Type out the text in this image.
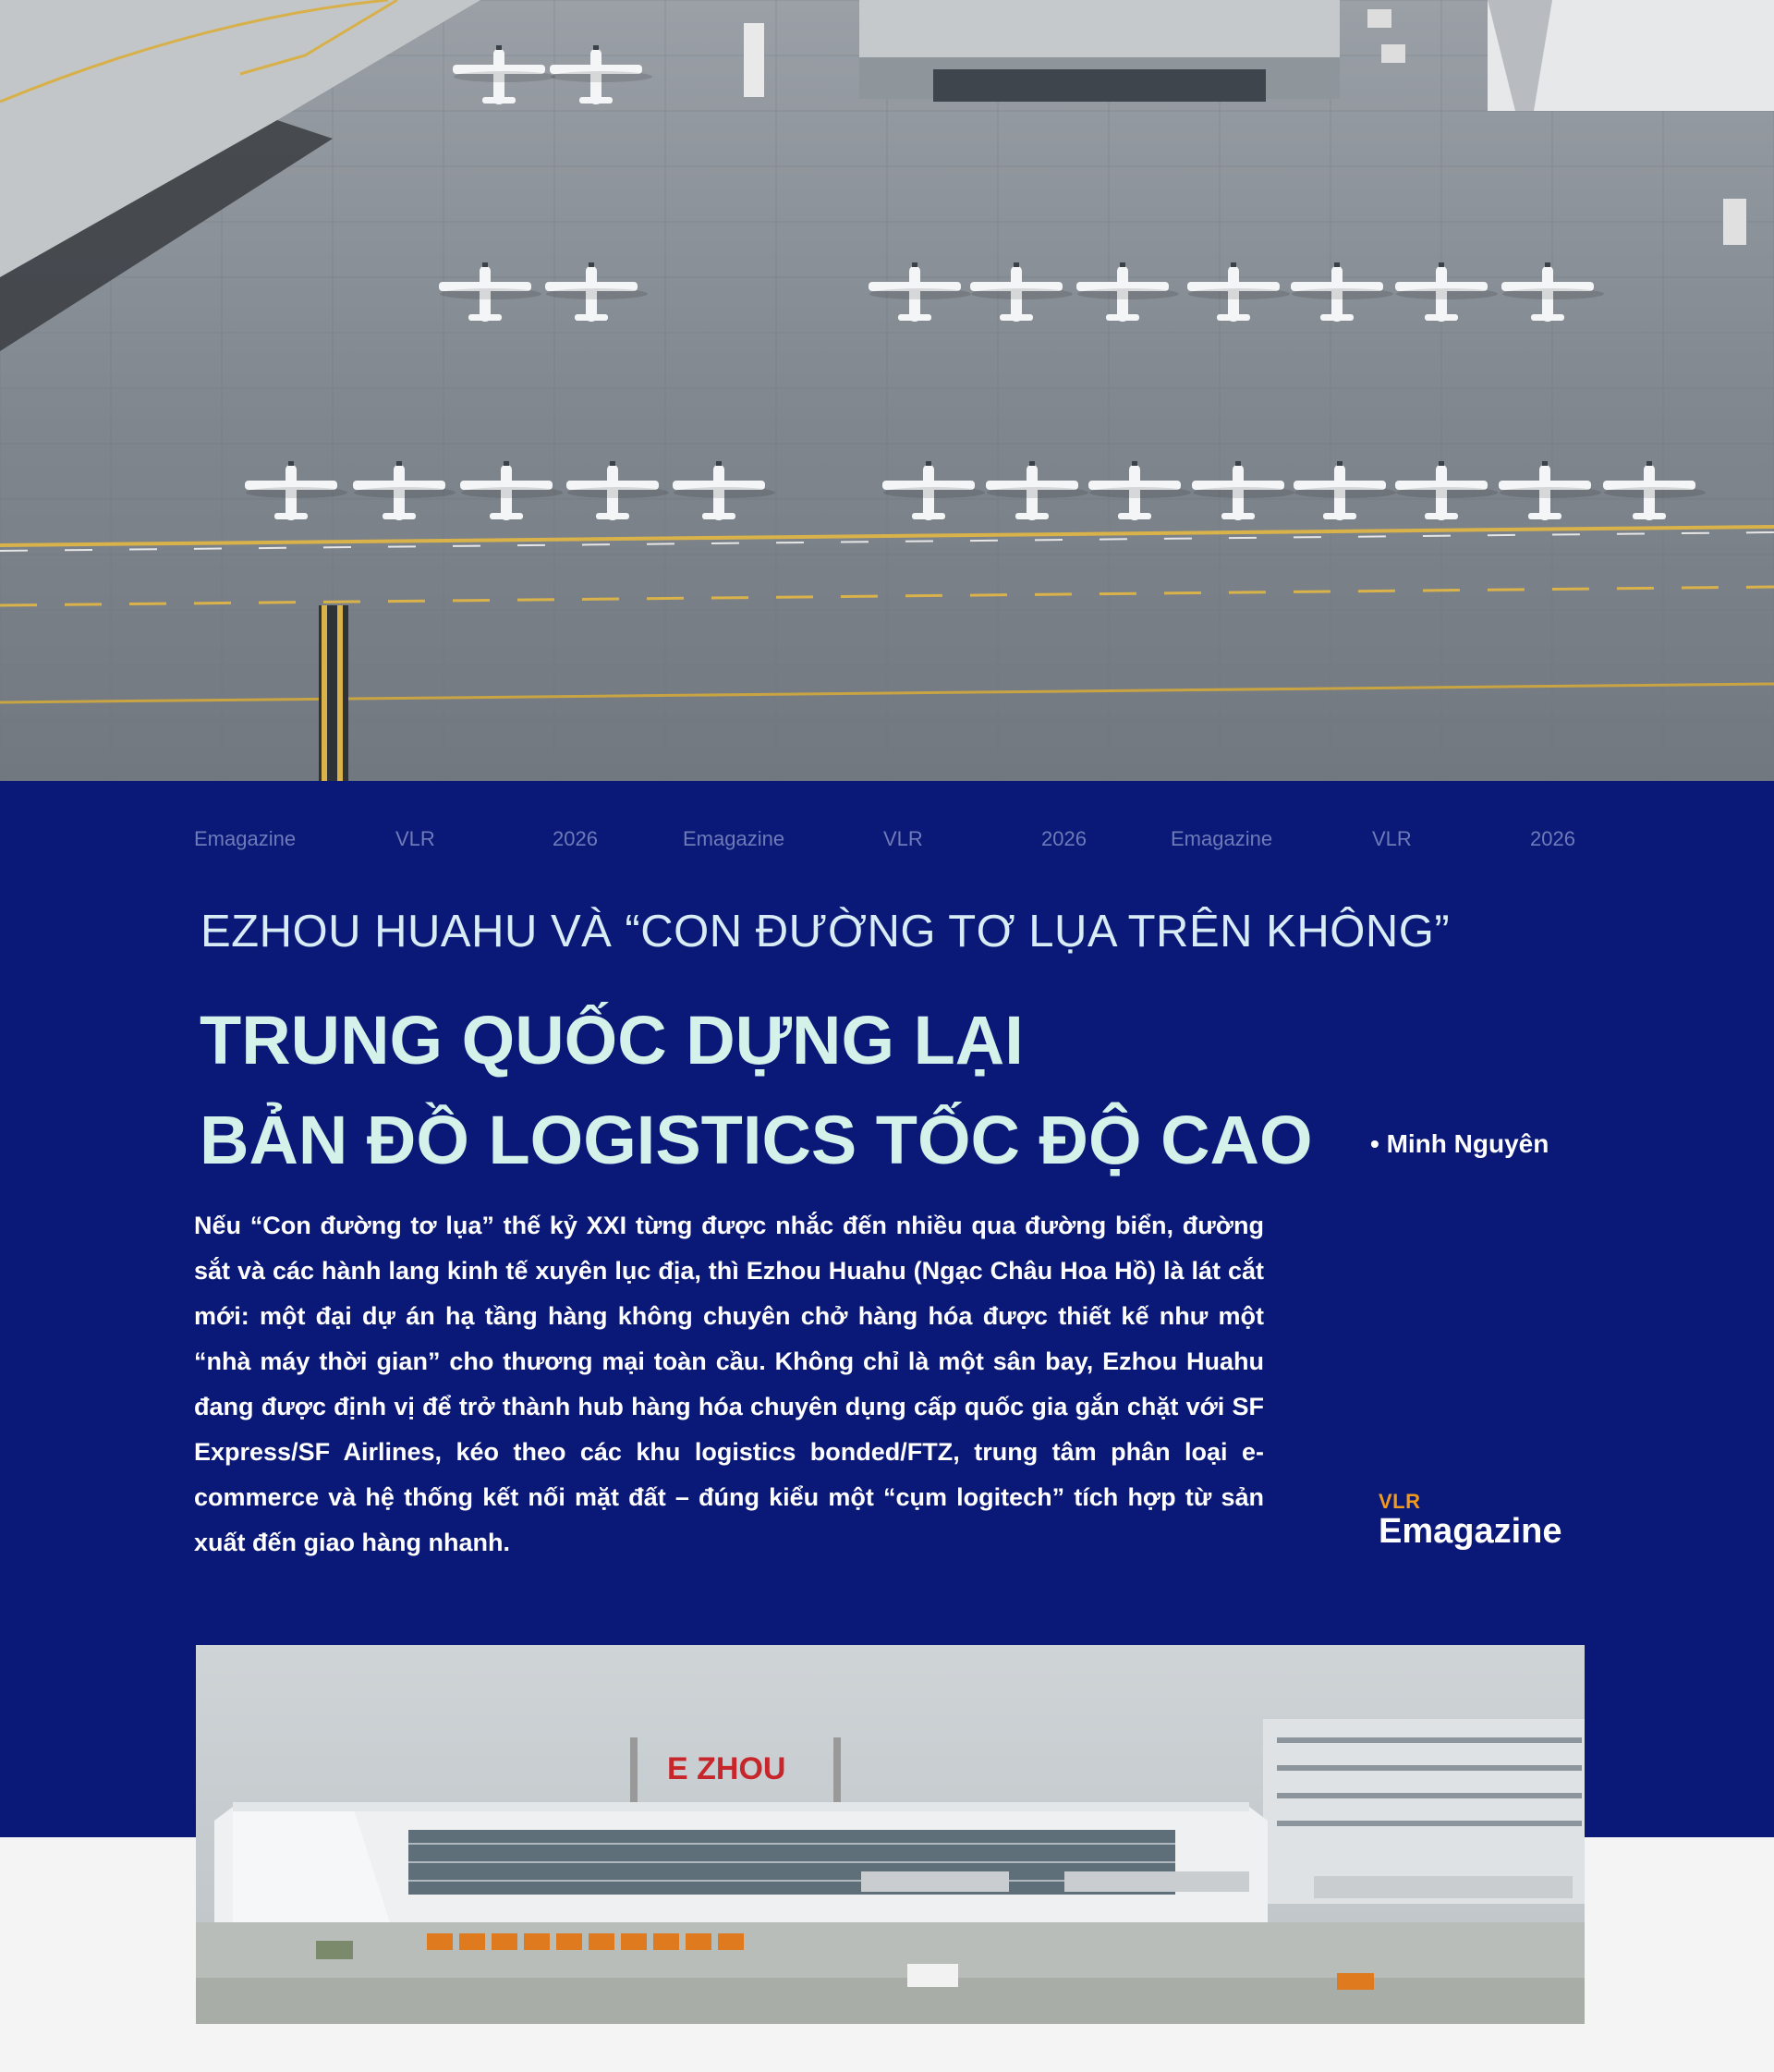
Emagazine	VLR	2026	Emagazine	VLR	2026	Emagazine	VLR	2026
EZHOU HUAHU VÀ “CON ĐƯỜNG TƠ LỤA TRÊN KHÔNG”
TRUNG QUỐC DỰNG LẠI
BẢN ĐỒ LOGISTICS TỐC ĐỘ CAO • Minh Nguyên

Nếu “Con đường tơ lụa” thế kỷ XXI từng được nhắc đến nhiều qua đường biển, đường sắt và các hành lang kinh tế xuyên lục địa, thì Ezhou Huahu (Ngạc Châu Hoa Hồ) là lát cắt mới: một đại dự án hạ tầng hàng không chuyên chở hàng hóa được thiết kế như một “nhà máy thời gian” cho thương mại toàn cầu. Không chỉ là một sân bay, Ezhou Huahu đang được định vị để trở thành hub hàng hóa chuyên dụng cấp quốc gia gắn chặt với SF Express/SF Airlines, kéo theo các khu logistics bonded/FTZ, trung tâm phân loại e-commerce và hệ thống kết nối mặt đất – đúng kiểu một “cụm logitech” tích hợp từ sản xuất đến giao hàng nhanh.

VLR
Emagazine
E ZHOU
